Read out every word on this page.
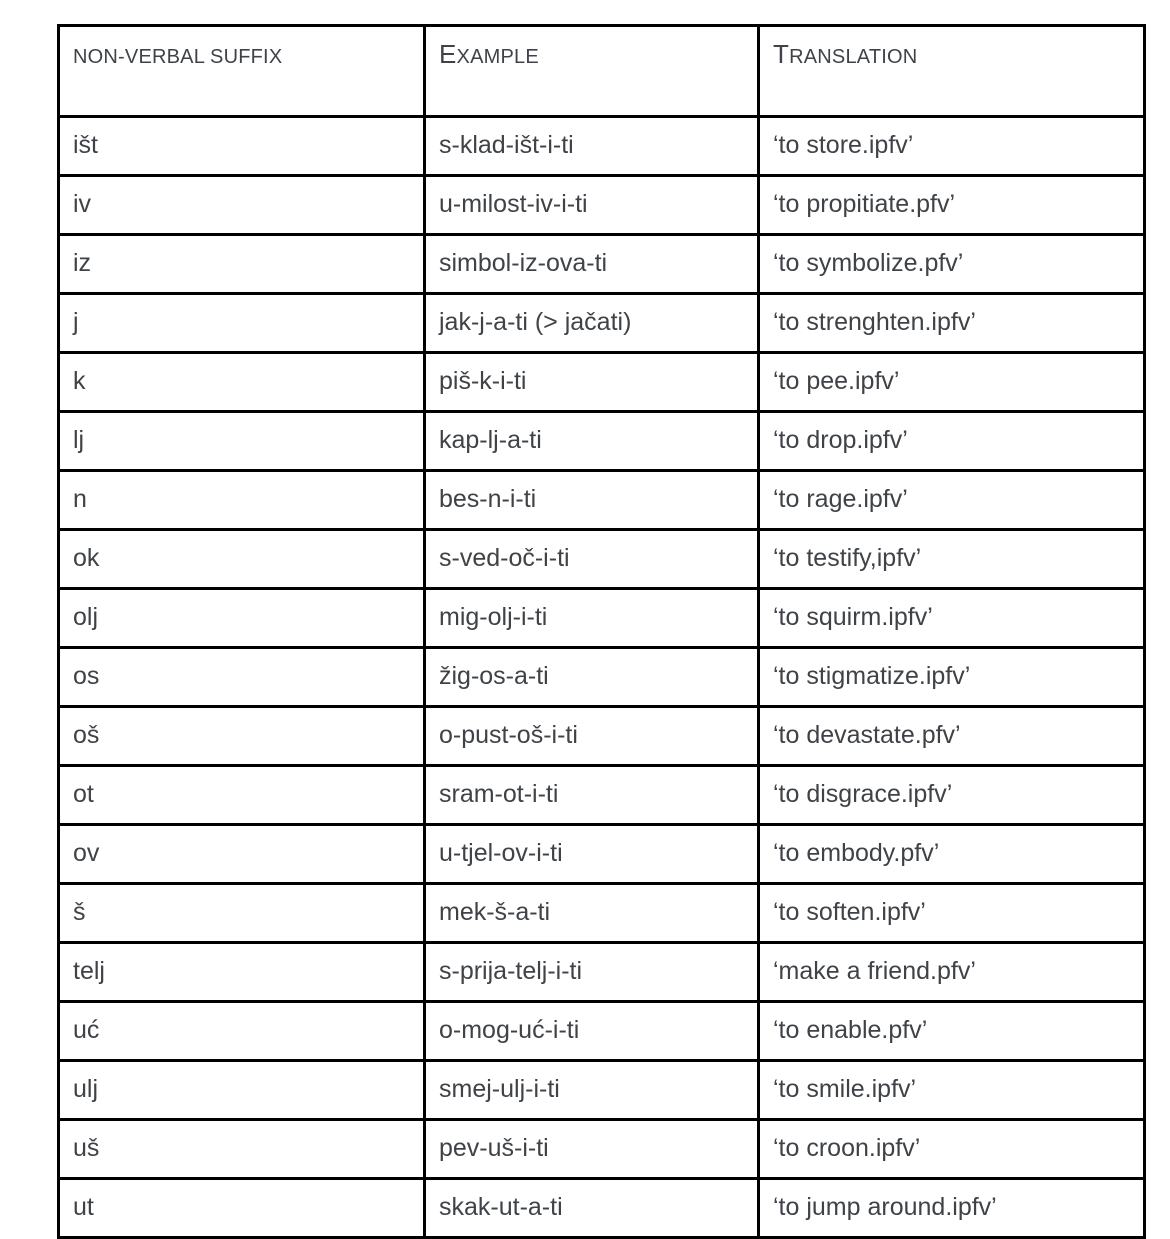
NON-VERBAL SUFFIX	EXAMPLE	TRANSLATION
išt	s-klad-išt-i-ti	‘to store.ipfv’
iv	u-milost-iv-i-ti	‘to propitiate.pfv’
iz	simbol-iz-ova-ti	‘to symbolize.pfv’
j	jak-j-a-ti (> jačati)	‘to strenghten.ipfv’
k	piš-k-i-ti	‘to pee.ipfv’
lj	kap-lj-a-ti	‘to drop.ipfv’
n	bes-n-i-ti	‘to rage.ipfv’
ok	s-ved-oč-i-ti	‘to testify,ipfv’
olj	mig-olj-i-ti	‘to squirm.ipfv’
os	žig-os-a-ti	‘to stigmatize.ipfv’
oš	o-pust-oš-i-ti	‘to devastate.pfv’
ot	sram-ot-i-ti	‘to disgrace.ipfv’
ov	u-tjel-ov-i-ti	‘to embody.pfv’
š	mek-š-a-ti	‘to soften.ipfv’
telj	s-prija-telj-i-ti	‘make a friend.pfv’
uć	o-mog-uć-i-ti	‘to enable.pfv’
ulj	smej-ulj-i-ti	‘to smile.ipfv’
uš	pev-uš-i-ti	‘to croon.ipfv’
ut	skak-ut-a-ti	‘to jump around.ipfv’
